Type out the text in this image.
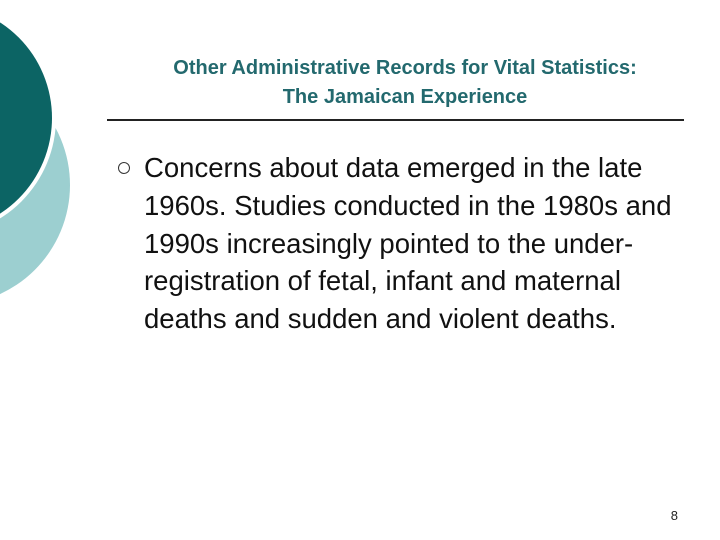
Other Administrative Records for Vital Statistics:
The Jamaican Experience
Concerns about data emerged in the late 1960s. Studies conducted in the 1980s and 1990s increasingly pointed to the under-registration of fetal, infant and maternal deaths and sudden and violent deaths.
8
